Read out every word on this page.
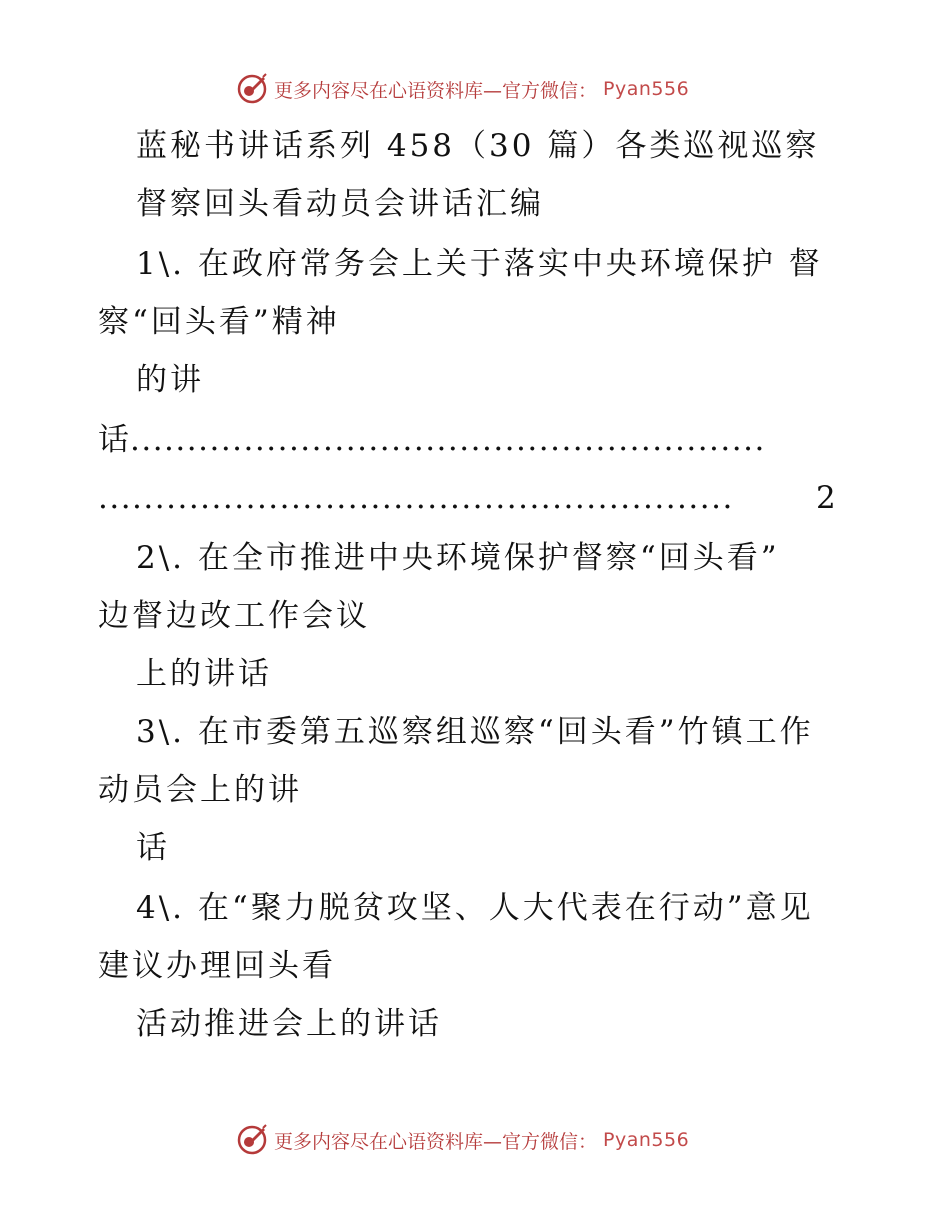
更多内容尽在心语资料库—官方微信： Pyan556
蓝秘书讲话系列 458（30 篇）各类巡视巡察
督察回头看动员会讲话汇编
1\. 在政府常务会上关于落实中央环境保护 督
察“回头看”精神
的讲
话
........................................................
........................................................	2
2\. 在全市推进中央环境保护督察“回头看”
边督边改工作会议
上的讲话
3\. 在市委第五巡察组巡察“回头看”竹镇工作
动员会上的讲
话
4\. 在“聚力脱贫攻坚、人大代表在行动”意见
建议办理回头看
活动推进会上的讲话
更多内容尽在心语资料库—官方微信： Pyan556
